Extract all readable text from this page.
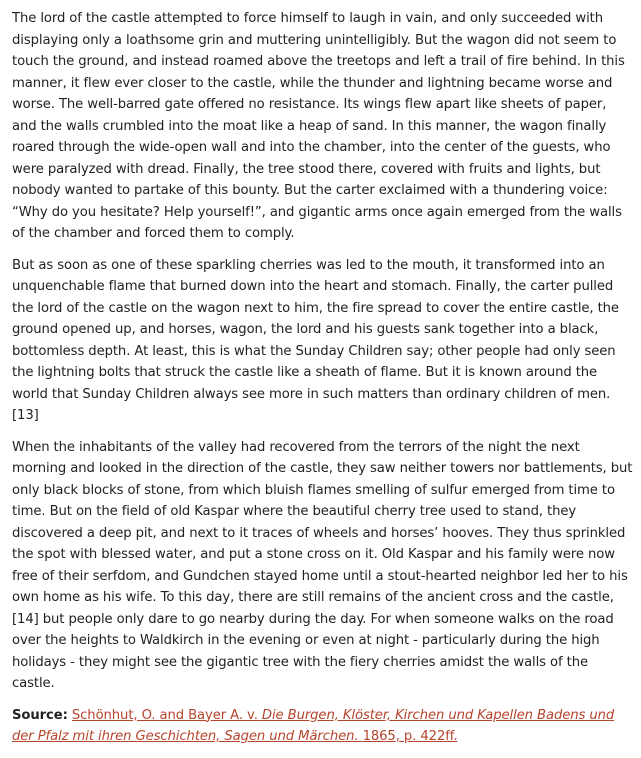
The lord of the castle attempted to force himself to laugh in vain, and only succeeded with displaying only a loathsome grin and muttering unintelligibly. But the wagon did not seem to touch the ground, and instead roamed above the treetops and left a trail of fire behind. In this manner, it flew ever closer to the castle, while the thunder and lightning became worse and worse. The well-barred gate offered no resistance. Its wings flew apart like sheets of paper, and the walls crumbled into the moat like a heap of sand. In this manner, the wagon finally roared through the wide-open wall and into the chamber, into the center of the guests, who were paralyzed with dread. Finally, the tree stood there, covered with fruits and lights, but nobody wanted to partake of this bounty. But the carter exclaimed with a thundering voice: “Why do you hesitate? Help yourself!”, and gigantic arms once again emerged from the walls of the chamber and forced them to comply.

But as soon as one of these sparkling cherries was led to the mouth, it transformed into an unquenchable flame that burned down into the heart and stomach. Finally, the carter pulled the lord of the castle on the wagon next to him, the fire spread to cover the entire castle, the ground opened up, and horses, wagon, the lord and his guests sank together into a black, bottomless depth. At least, this is what the Sunday Children say; other people had only seen the lightning bolts that struck the castle like a sheath of flame. But it is known around the world that Sunday Children always see more in such matters than ordinary children of men.[13]

When the inhabitants of the valley had recovered from the terrors of the night the next morning and looked in the direction of the castle, they saw neither towers nor battlements, but only black blocks of stone, from which bluish flames smelling of sulfur emerged from time to time. But on the field of old Kaspar where the beautiful cherry tree used to stand, they discovered a deep pit, and next to it traces of wheels and horses’ hooves. They thus sprinkled the spot with blessed water, and put a stone cross on it. Old Kaspar and his family were now free of their serfdom, and Gundchen stayed home until a stout-hearted neighbor led her to his own home as his wife. To this day, there are still remains of the ancient cross and the castle,[14] but people only dare to go nearby during the day. For when someone walks on the road over the heights to Waldkirch in the evening or even at night - particularly during the high holidays - they might see the gigantic tree with the fiery cherries amidst the walls of the castle.

Source: Schönhut, O. and Bayer A. v. Die Burgen, Klöster, Kirchen und Kapellen Badens und der Pfalz mit ihren Geschichten, Sagen und Märchen. 1865, p. 422ff.
